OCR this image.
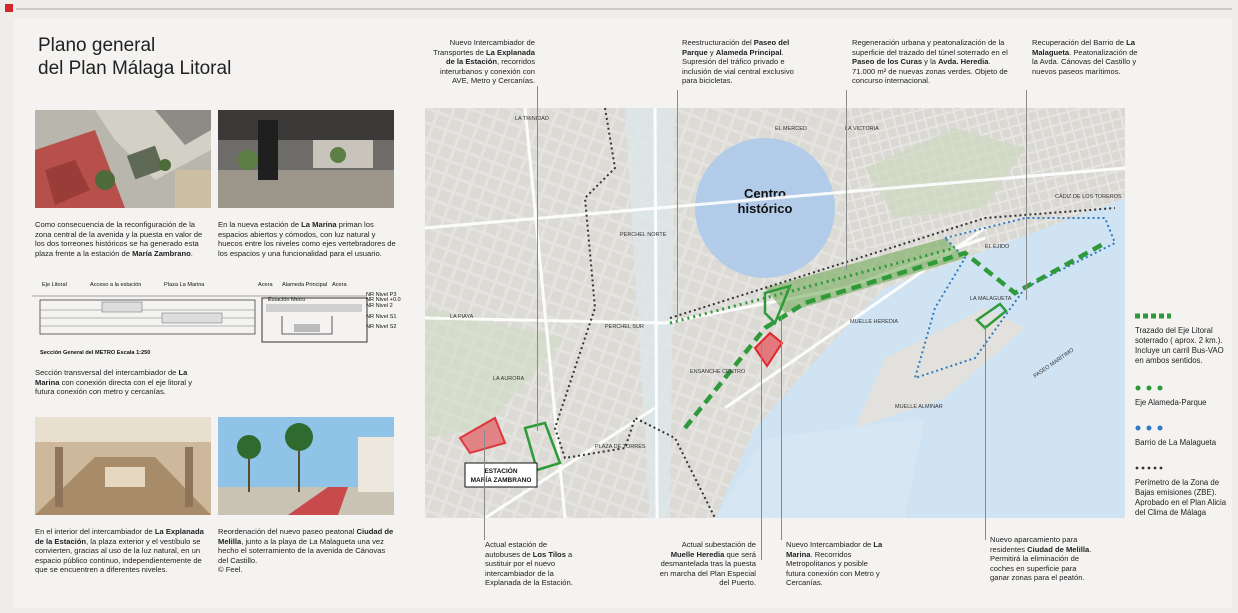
Plano general
del Plan Málaga Litoral
Como consecuencia de la reconfiguración de la zona central de la avenida y la puesta en valor de los dos torreones históricos se ha generado esta plaza frente a la estación de María Zambrano.
En la nueva estación de La Marina priman los espacios abiertos y cómodos, con luz natural y huecos entre los niveles como ejes vertebradores de los espacios y una funcionalidad para el usuario.
Eje Litoral	Acceso a la estación	Plaza La Marina	Acera Alameda Principal Acera
Estación Metro
NR Nivel P3
NR Nivel +0.0
NR Nivel 2
NR Nivel S1
NR Nivel S2
Sección General del METRO Escala 1:250
Sección transversal del intercambiador de La Marina con conexión directa con el eje litoral y futura conexión con metro y cercanías.
En el interior del intercambiador de La Explanada de la Estación, la plaza exterior y el vestíbulo se convierten, gracias al uso de la luz natural, en un espacio público continuo, independientemente de que se encuentren a diferentes niveles.
Reordenación del nuevo paseo peatonal Ciudad de Melilla, junto a la playa de La Malagueta una vez hecho el soterramiento de la avenida de Cánovas del Castillo.
© Feel.
Nuevo Intercambiador de Transportes de La Explanada de la Estación, recorridos interurbanos y conexión con AVE, Metro y Cercanías.
Reestructuración del Paseo del Parque y Alameda Principal. Supresión del tráfico privado e inclusión de vial central exclusivo para bicicletas.
Regeneración urbana y peatonalización de la superficie del trazado del túnel soterrado en el Paseo de los Curas y la Avda. Heredia. 71.000 m² de nuevas zonas verdes. Objeto de concurso internacional.
Recuperación del Barrio de La Malagueta. Peatonalización de la Avda. Cánovas del Castillo y nuevos paseos marítimos.
Centro
histórico
ESTACIÓN
MARÍA ZAMBRANO
LA TRINIDAD
EL MERCED	LA VICTORIA
PERCHEL NORTE
PERCHEL SUR
LA AURORA
ENSANCHE CENTRO
PLAZA DE TORRES
MUELLE HEREDIA
MUELLE ALMINAR
LA MALAGUETA
PASEO MARÍTIMO
CÁDIZ DE LOS TOREROS
EL EJIDO
LA PIAYA
Actual estación de autobuses de Los Tilos a sustituir por el nuevo intercambiador de la Explanada de la Estación.
Actual subestación de Muelle Heredia que será desmantelada tras la puesta en marcha del Plan Especial del Puerto.
Nuevo Intercambiador de La Marina. Recorridos Metropolitanos y posible futura conexión con Metro y Cercanías.
Nuevo aparcamiento para residentes Ciudad de Melilla. Permitirá la eliminación de coches en superficie para ganar zonas para el peatón.
Trazado del Eje Litoral soterrado ( aprox. 2 km.). Incluye un carril Bus-VAO en ambos sentidos.
Eje Alameda-Parque
Barrio de La Malagueta
Perímetro de la Zona de Bajas emisiones (ZBE). Aprobado en el Plan Alicia del Clima de Málaga
